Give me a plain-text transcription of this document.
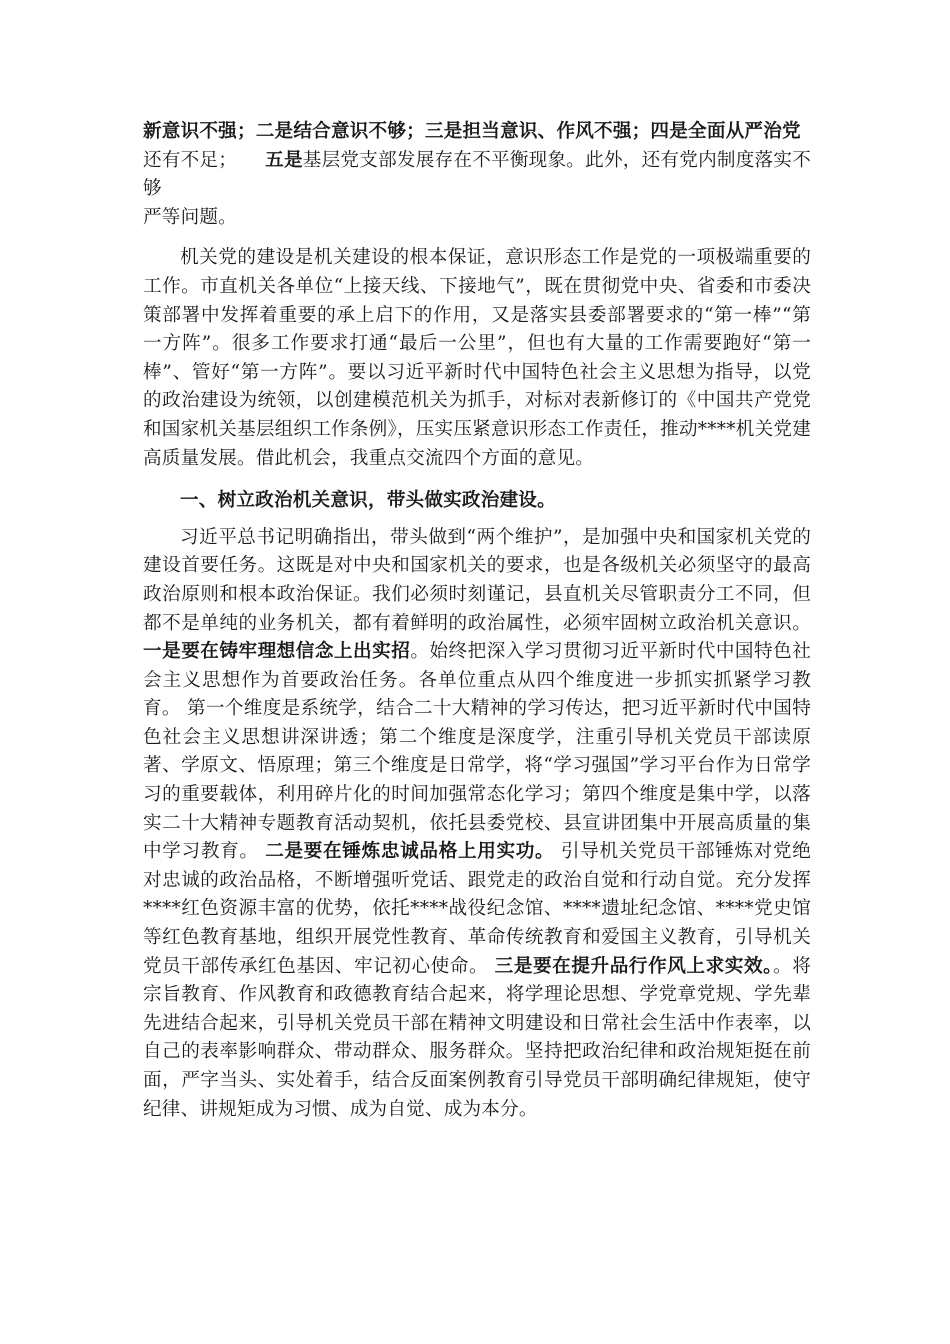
新意识不强；二是结合意识不够；三是担当意识、作风不强；四是全面从严治党

还有不足； 五是基层党支部发展存在不平衡现象。此外，还有党内制度落实不够

严等问题。

机关党的建设是机关建设的根本保证，意识形态工作是党的一项极端重要的工作。市直机关各单位“上接天线、下接地气”，既在贯彻党中央、省委和市委决策部署中发挥着重要的承上启下的作用，又是落实县委部署要求的“第一棒”“第一方阵”。很多工作要求打通“最后一公里”，但也有大量的工作需要跑好“第一棒”、管好“第一方阵”。要以习近平新时代中国特色社会主义思想为指导，以党的政治建设为统领，以创建模范机关为抓手，对标对表新修订的《中国共产党党和国家机关基层组织工作条例》，压实压紧意识形态工作责任，推动****机关党建高质量发展。借此机会，我重点交流四个方面的意见。

一、树立政治机关意识，带头做实政治建设。

习近平总书记明确指出，带头做到“两个维护”，是加强中央和国家机关党的建设首要任务。这既是对中央和国家机关的要求，也是各级机关必须坚守的最高政治原则和根本政治保证。我们必须时刻谨记，县直机关尽管职责分工不同，但都不是单纯的业务机关，都有着鲜明的政治属性，必须牢固树立政治机关意识。一是要在铸牢理想信念上出实招。始终把深入学习贯彻习近平新时代中国特色社会主义思想作为首要政治任务。各单位重点从四个维度进一步抓实抓紧学习教育。 第一个维度是系统学，结合二十大精神的学习传达，把习近平新时代中国特色社会主义思想讲深讲透；第二个维度是深度学，注重引导机关党员干部读原著、学原文、悟原理；第三个维度是日常学，将“学习强国”学习平台作为日常学习的重要载体，利用碎片化的时间加强常态化学习；第四个维度是集中学，以落实二十大精神专题教育活动契机，依托县委党校、县宣讲团集中开展高质量的集中学习教育。 二是要在锤炼忠诚品格上用实功。 引导机关党员干部锤炼对党绝对忠诚的政治品格，不断增强听党话、跟党走的政治自觉和行动自觉。充分发挥****红色资源丰富的优势，依托****战役纪念馆、****遗址纪念馆、****党史馆等红色教育基地，组织开展党性教育、革命传统教育和爱国主义教育，引导机关党员干部传承红色基因、牢记初心使命。 三是要在提升品行作风上求实效。。将宗旨教育、作风教育和政德教育结合起来，将学理论思想、学党章党规、学先辈先进结合起来，引导机关党员干部在精神文明建设和日常社会生活中作表率，以自己的表率影响群众、带动群众、服务群众。坚持把政治纪律和政治规矩挺在前面，严字当头、实处着手，结合反面案例教育引导党员干部明确纪律规矩，使守纪律、讲规矩成为习惯、成为自觉、成为本分。
